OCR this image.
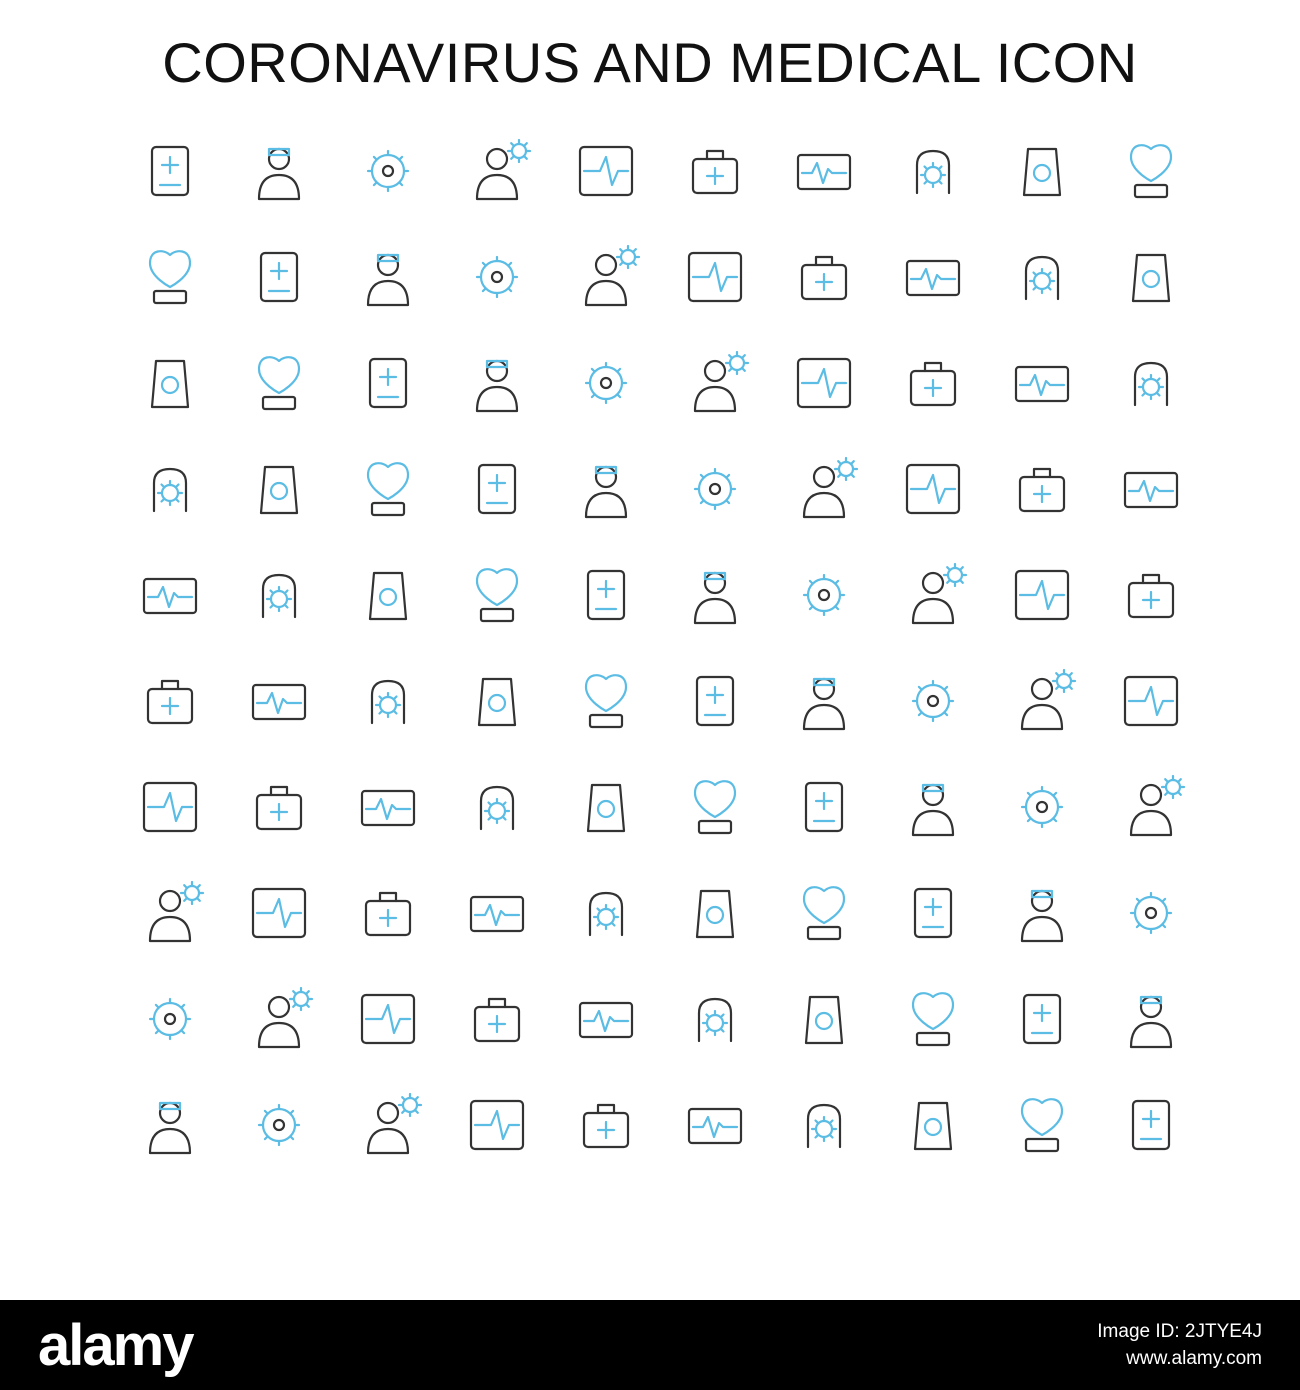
CORONAVIRUS AND MEDICAL ICON
alamy	Image ID: 2JTYE4J
www.alamy.com
